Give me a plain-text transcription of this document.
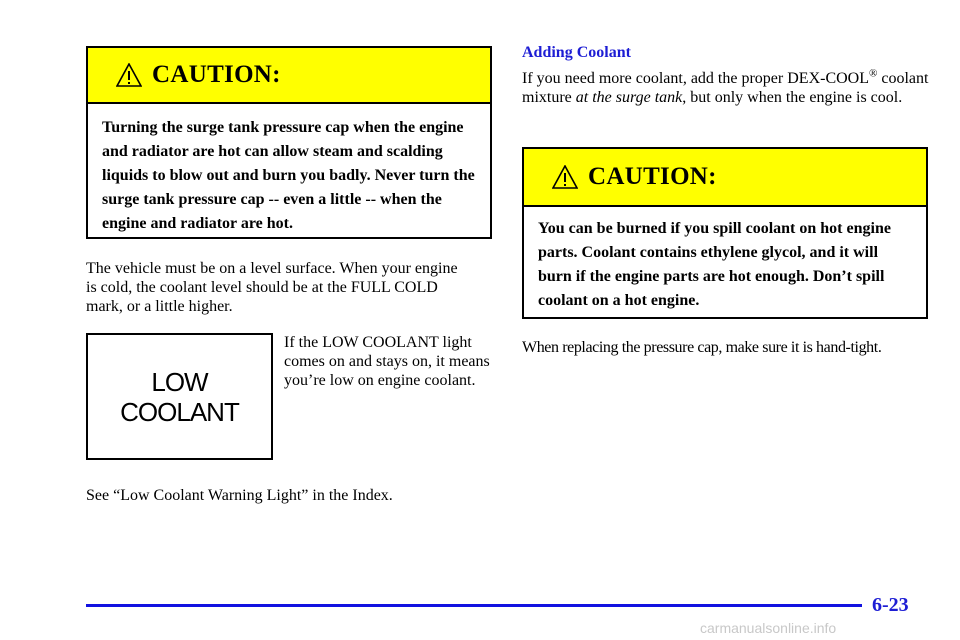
CAUTION:
Turning the surge tank pressure cap when the engine and radiator are hot can allow steam and scalding liquids to blow out and burn you badly. Never turn the surge tank pressure cap -- even a little -- when the engine and radiator are hot.
The vehicle must be on a level surface. When your engine is cold, the coolant level should be at the FULL COLD mark, or a little higher.
LOW
COOLANT
If the LOW COOLANT light comes on and stays on, it means you’re low on engine coolant.
See “Low Coolant Warning Light” in the Index.
Adding Coolant
If you need more coolant, add the proper DEX-COOL® coolant mixture at the surge tank, but only when the engine is cool.
CAUTION:
You can be burned if you spill coolant on hot engine parts. Coolant contains ethylene glycol, and it will burn if the engine parts are hot enough. Don’t spill coolant on a hot engine.
When replacing the pressure cap, make sure it is hand-tight.
6-23
carmanualsonline.info
